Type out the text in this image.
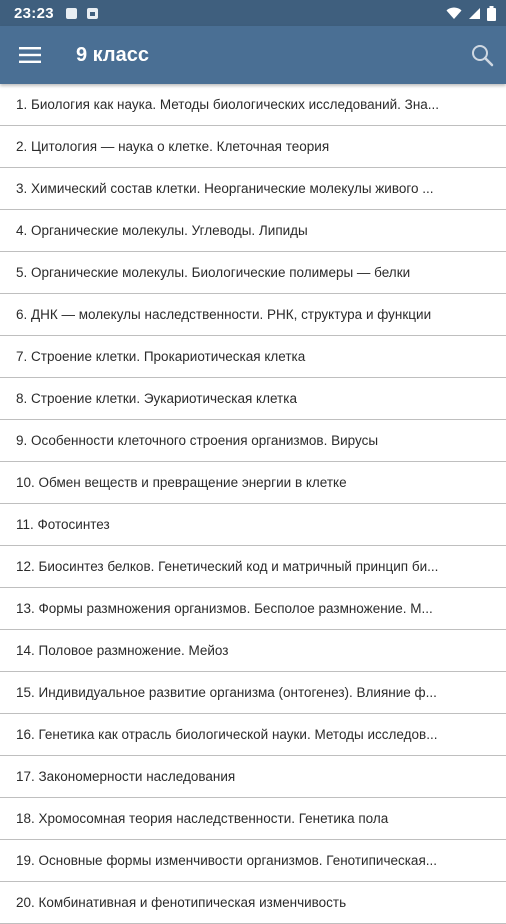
23:23
9 класс
1. Биология как наука. Методы биологических исследований. Зна...
2. Цитология — наука о клетке. Клеточная теория
3. Химический состав клетки. Неорганические молекулы живого ...
4. Органические молекулы. Углеводы. Липиды
5. Органические молекулы. Биологические полимеры — белки
6. ДНК — молекулы наследственности. РНК, структура и функции
7. Строение клетки. Прокариотическая клетка
8. Строение клетки. Эукариотическая клетка
9. Особенности клеточного строения организмов. Вирусы
10. Обмен веществ и превращение энергии в клетке
11. Фотосинтез
12. Биосинтез белков. Генетический код и матричный принцип би...
13. Формы размножения организмов. Бесполое размножение. М...
14. Половое размножение. Мейоз
15. Индивидуальное развитие организма (онтогенез). Влияние ф...
16. Генетика как отрасль биологической науки. Методы исследов...
17. Закономерности наследования
18. Хромосомная теория наследственности. Генетика пола
19. Основные формы изменчивости организмов. Генотипическая...
20. Комбинативная и фенотипическая изменчивость
